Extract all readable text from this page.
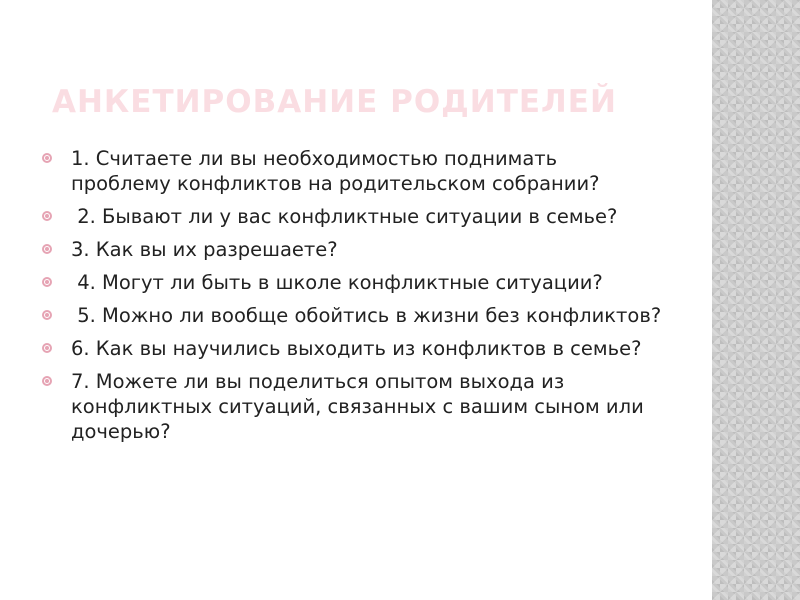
АНКЕТИРОВАНИЕ РОДИТЕЛЕЙ
1. Считаете ли вы необходимостью поднимать проблему конфликтов на родительском собрании?
2. Бывают ли у вас конфликтные ситуации в семье?
3. Как вы их разрешаете?
4. Могут ли быть в школе конфликтные ситуации?
5. Можно ли вообще обойтись в жизни без конфликтов?
6. Как вы научились выходить из конфликтов в семье?
7. Можете ли вы поделиться опытом выхода из конфликтных ситуаций, связанных с вашим сыном или дочерью?
